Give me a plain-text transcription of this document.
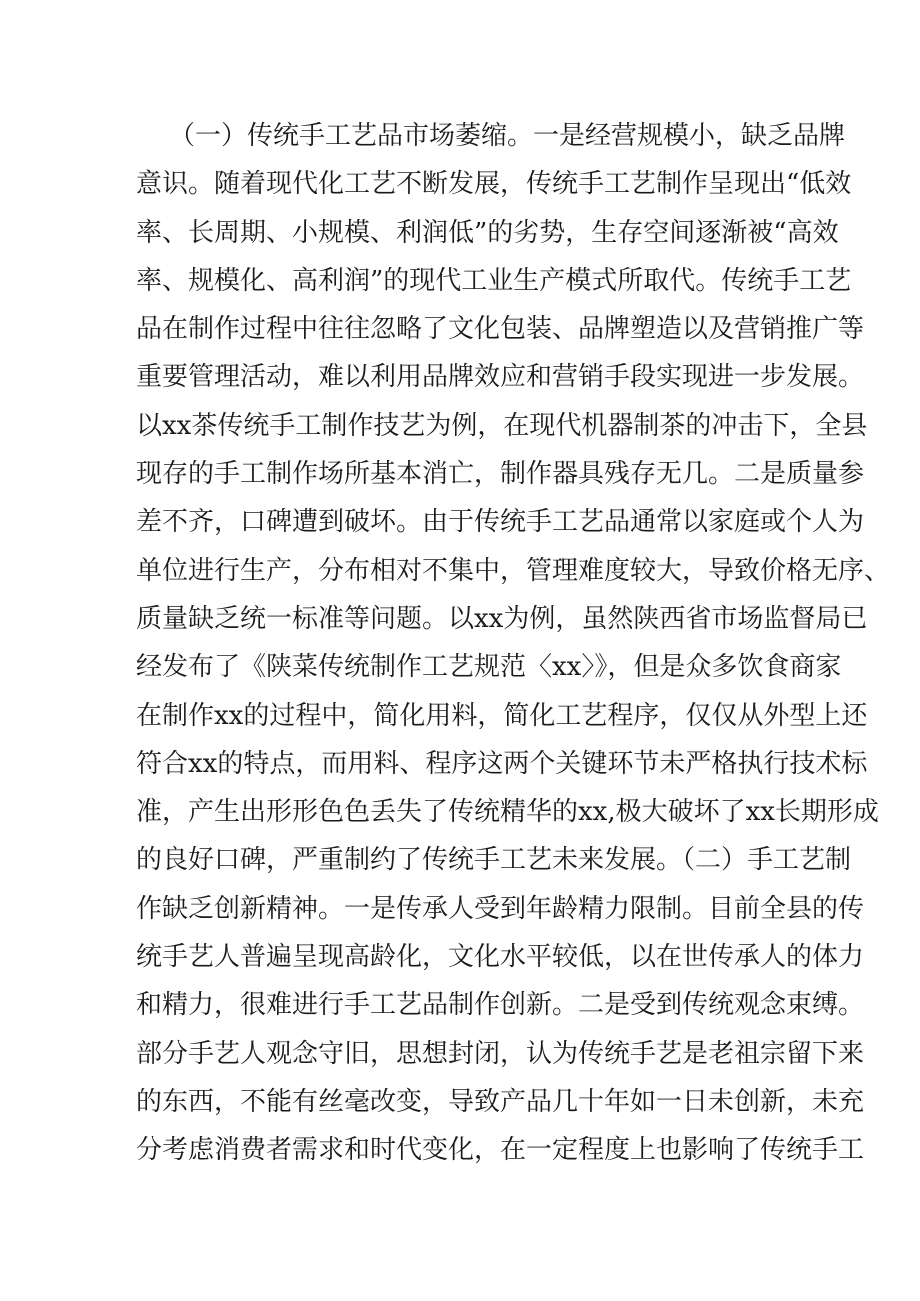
（一）传统手工艺品市场萎缩。一是经营规模小，缺乏品牌
意识。随着现代化工艺不断发展，传统手工艺制作呈现出“低效
率、长周期、小规模、利润低”的劣势，生存空间逐渐被“高效
率、规模化、高利润”的现代工业生产模式所取代。传统手工艺
品在制作过程中往往忽略了文化包装、品牌塑造以及营销推广等
重要管理活动，难以利用品牌效应和营销手段实现进一步发展。
以xx茶传统手工制作技艺为例，在现代机器制茶的冲击下，全县
现存的手工制作场所基本消亡，制作器具残存无几。二是质量参
差不齐，口碑遭到破坏。由于传统手工艺品通常以家庭或个人为
单位进行生产，分布相对不集中，管理难度较大，导致价格无序、
质量缺乏统一标准等问题。以xx为例，虽然陕西省市场监督局已
经发布了《陕菜传统制作工艺规范〈xx〉》，但是众多饮食商家
在制作xx的过程中，简化用料，简化工艺程序，仅仅从外型上还
符合xx的特点，而用料、程序这两个关键环节未严格执行技术标
准，产生出形形色色丢失了传统精华的xx,极大破坏了xx长期形成
的良好口碑，严重制约了传统手工艺未来发展。（二）手工艺制
作缺乏创新精神。一是传承人受到年龄精力限制。目前全县的传
统手艺人普遍呈现高龄化，文化水平较低，以在世传承人的体力
和精力，很难进行手工艺品制作创新。二是受到传统观念束缚。
部分手艺人观念守旧，思想封闭，认为传统手艺是老祖宗留下来
的东西，不能有丝毫改变，导致产品几十年如一日未创新，未充
分考虑消费者需求和时代变化，在一定程度上也影响了传统手工
